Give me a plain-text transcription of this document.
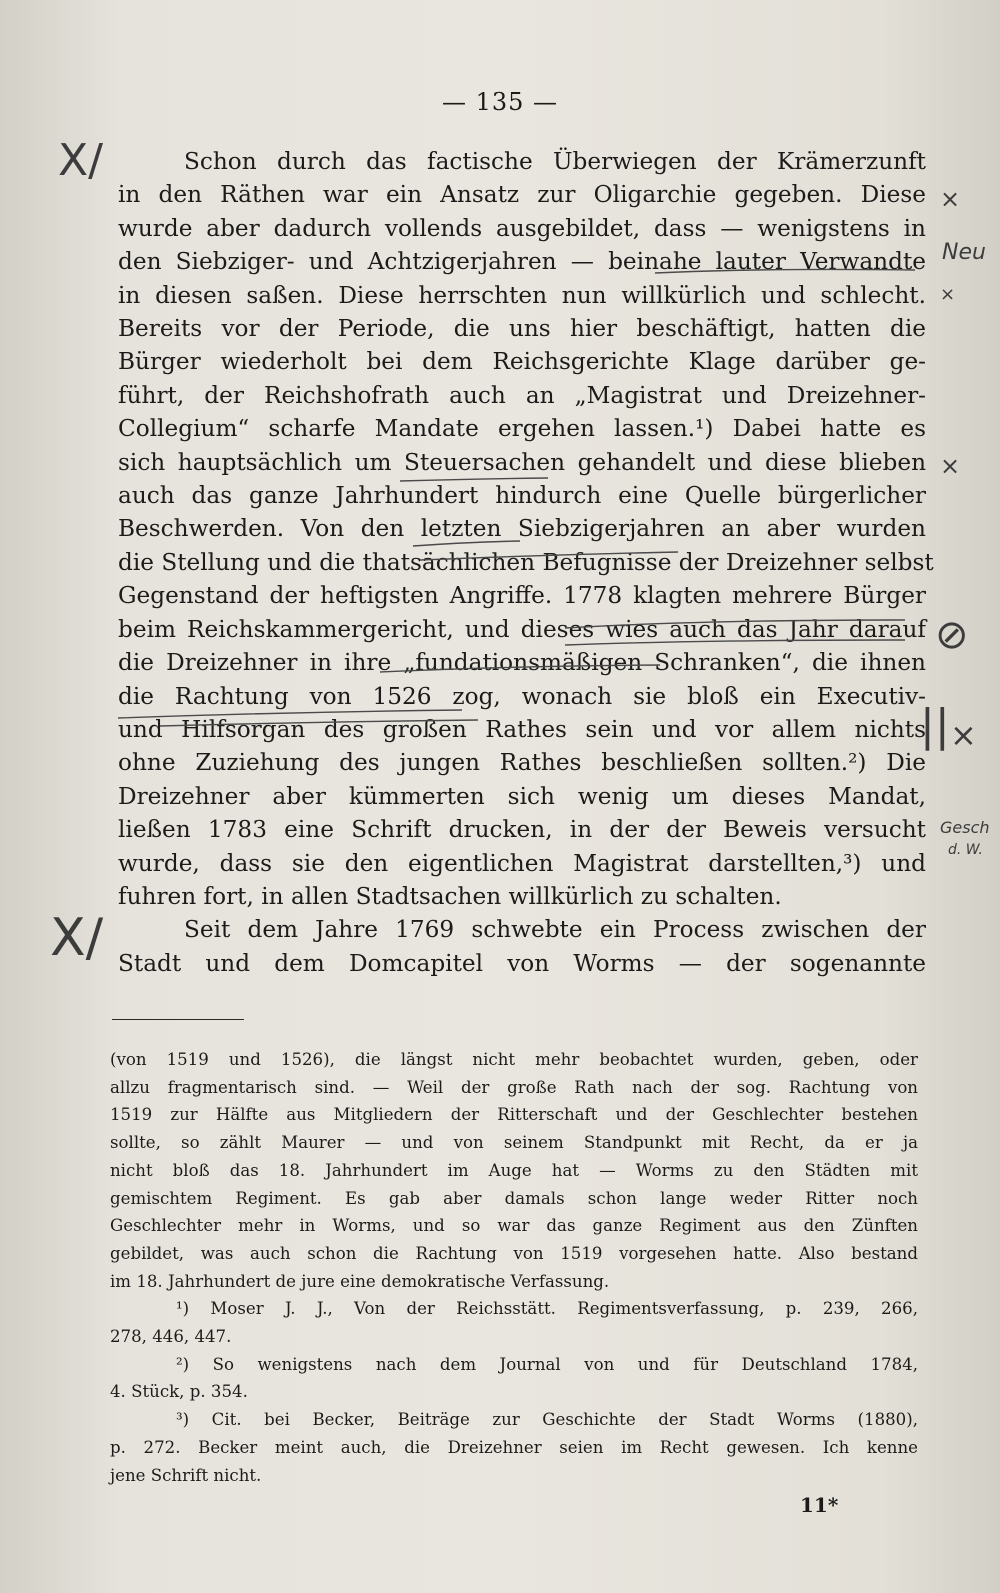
— 135 —
Schon durch das factische Überwiegen der Krämerzunft
in den Räthen war ein Ansatz zur Oligarchie gegeben. Diese
wurde aber dadurch vollends ausgebildet, dass — wenigstens in
den Siebziger- und Achtzigerjahren — beinahe lauter Verwandte
in diesen saßen. Diese herrschten nun willkürlich und schlecht.
Bereits vor der Periode, die uns hier beschäftigt, hatten die
Bürger wiederholt bei dem Reichsgerichte Klage darüber ge-
führt, der Reichshofrath auch an „Magistrat und Dreizehner-
Collegium“ scharfe Mandate ergehen lassen.¹) Dabei hatte es
sich hauptsächlich um Steuersachen gehandelt und diese blieben
auch das ganze Jahrhundert hindurch eine Quelle bürgerlicher
Beschwerden. Von den letzten Siebzigerjahren an aber wurden
die Stellung und die thatsächlichen Befugnisse der Dreizehner selbst
Gegenstand der heftigsten Angriffe. 1778 klagten mehrere Bürger
beim Reichskammergericht, und dieses wies auch das Jahr darauf
die Dreizehner in ihre „fundationsmäßigen Schranken“, die ihnen
die Rachtung von 1526 zog, wonach sie bloß ein Executiv-
und Hilfsorgan des großen Rathes sein und vor allem nichts
ohne Zuziehung des jungen Rathes beschließen sollten.²) Die
Dreizehner aber kümmerten sich wenig um dieses Mandat,
ließen 1783 eine Schrift drucken, in der der Beweis versucht
wurde, dass sie den eigentlichen Magistrat darstellten,³) und
fuhren fort, in allen Stadtsachen willkürlich zu schalten.
Seit dem Jahre 1769 schwebte ein Process zwischen der
Stadt und dem Domcapitel von Worms — der sogenannte
(von 1519 und 1526), die längst nicht mehr beobachtet wurden, geben, oder
allzu fragmentarisch sind. — Weil der große Rath nach der sog. Rachtung von
1519 zur Hälfte aus Mitgliedern der Ritterschaft und der Geschlechter bestehen
sollte, so zählt Maurer — und von seinem Standpunkt mit Recht, da er ja
nicht bloß das 18. Jahrhundert im Auge hat — Worms zu den Städten mit
gemischtem Regiment. Es gab aber damals schon lange weder Ritter noch
Geschlechter mehr in Worms, und so war das ganze Regiment aus den Zünften
gebildet, was auch schon die Rachtung von 1519 vorgesehen hatte. Also bestand
im 18. Jahrhundert de jure eine demokratische Verfassung.
¹) Moser J. J., Von der Reichsstätt. Regimentsverfassung, p. 239, 266,
278, 446, 447.
²) So wenigstens nach dem Journal von und für Deutschland 1784,
4. Stück, p. 354.
³) Cit. bei Becker, Beiträge zur Geschichte der Stadt Worms (1880),
p. 272. Becker meint auch, die Dreizehner seien im Recht gewesen. Ich kenne
jene Schrift nicht.
11*
X/
X/
×
Neu
×
×
⊘
|| ×
Gesch
d. W.
